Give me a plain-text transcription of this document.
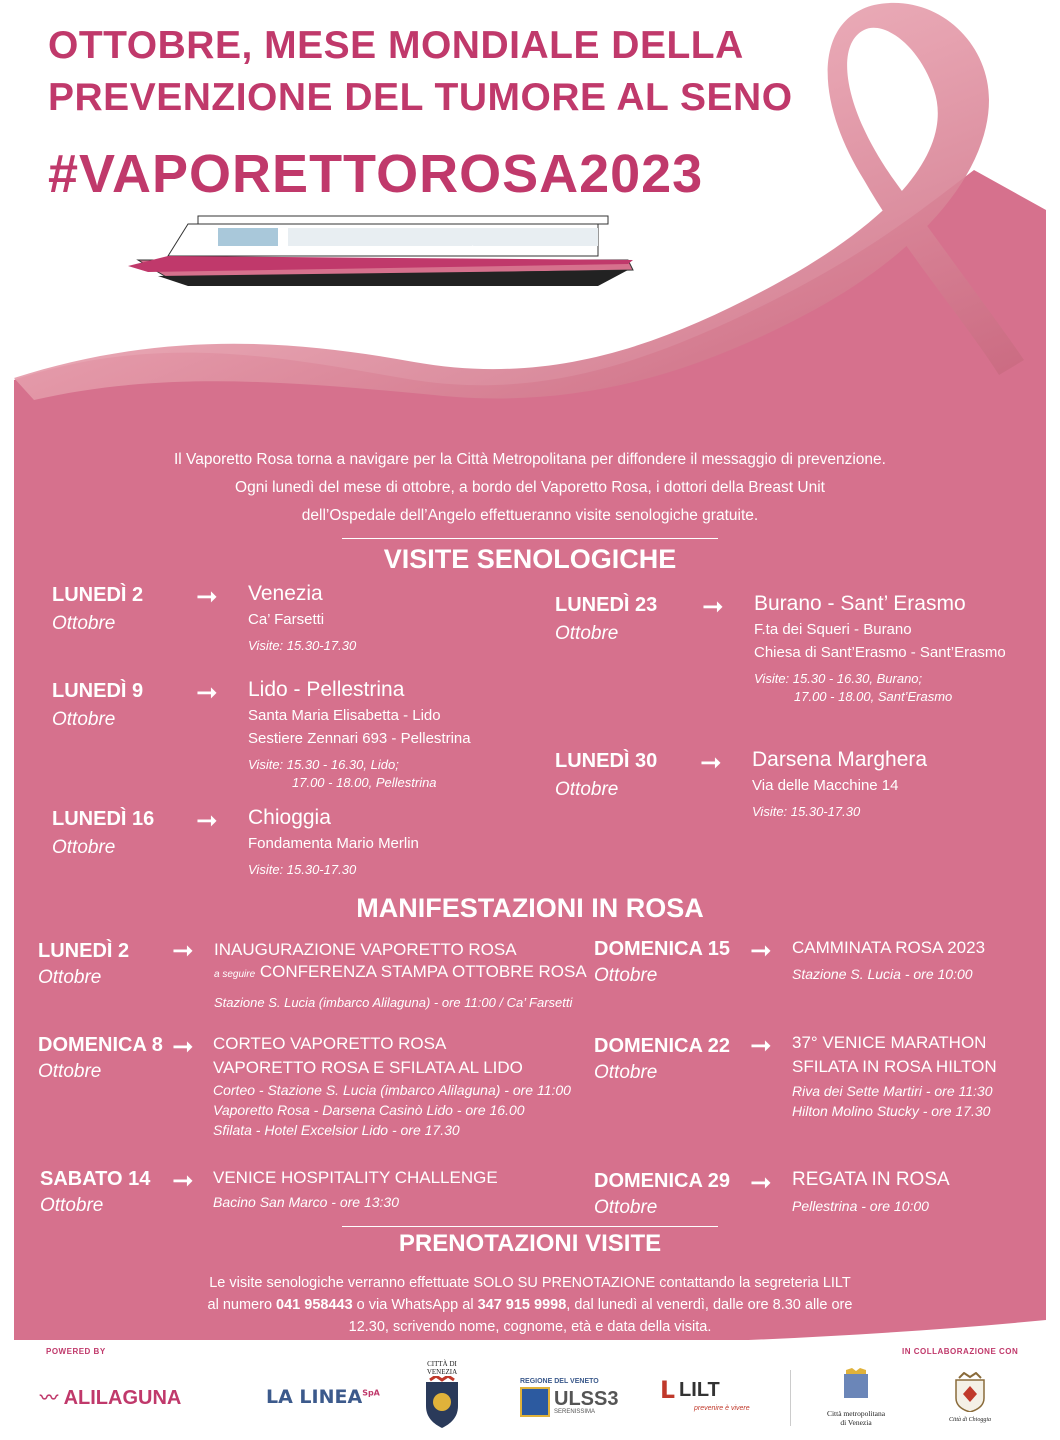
OTTOBRE, MESE MONDIALE DELLA
PREVENZIONE DEL TUMORE AL SENO
#VAPORETTOROSA2023
PREVENZIONE È VITA	ALILAGUNA
Il Vaporetto Rosa torna a navigare per la Città Metropolitana per diffondere il messaggio di prevenzione.
Ogni lunedì del mese di ottobre, a bordo del Vaporetto Rosa, i dottori della Breast Unit
dell’Ospedale dell’Angelo effettueranno visite senologiche gratuite.
VISITE SENOLOGICHE
LUNEDÌ 2
Ottobre
➞ Venezia
Ca’ Farsetti
Visite: 15.30-17.30
LUNEDÌ 9
Ottobre
➞ Lido - Pellestrina
Santa Maria Elisabetta - Lido
Sestiere Zennari 693 - Pellestrina
Visite: 15.30 - 16.30, Lido;
17.00 - 18.00, Pellestrina
LUNEDÌ 16
Ottobre
➞ Chioggia
Fondamenta Mario Merlin
Visite: 15.30-17.30
LUNEDÌ 23
Ottobre
➞ Burano - Sant’ Erasmo
F.ta dei Squeri - Burano
Chiesa di Sant’Erasmo - Sant’Erasmo
Visite: 15.30 - 16.30, Burano;
17.00 - 18.00, Sant’Erasmo
LUNEDÌ 30
Ottobre
➞ Darsena Marghera
Via delle Macchine 14
Visite: 15.30-17.30
MANIFESTAZIONI IN ROSA
LUNEDÌ 2
Ottobre
➞ INAUGURAZIONE VAPORETTO ROSA
a seguire CONFERENZA STAMPA OTTOBRE ROSA
Stazione S. Lucia (imbarco Alilaguna) - ore 11:00 / Ca’ Farsetti
DOMENICA 8
Ottobre
➞ CORTEO VAPORETTO ROSA
VAPORETTO ROSA E SFILATA AL LIDO
Corteo - Stazione S. Lucia (imbarco Alilaguna) - ore 11:00
Vaporetto Rosa - Darsena Casinò Lido - ore 16.00
Sfilata - Hotel Excelsior Lido - ore 17.30
SABATO 14
Ottobre
➞ VENICE HOSPITALITY CHALLENGE
Bacino San Marco - ore 13:30
DOMENICA 15
Ottobre
➞ CAMMINATA ROSA 2023
Stazione S. Lucia - ore 10:00
DOMENICA 22
Ottobre
➞ 37° VENICE MARATHON
SFILATA IN ROSA HILTON
Riva dei Sette Martiri - ore 11:30
Hilton Molino Stucky - ore 17.30
DOMENICA 29
Ottobre
➞ REGATA IN ROSA
Pellestrina - ore 10:00
PRENOTAZIONI VISITE
Le visite senologiche verranno effettuate SOLO SU PRENOTAZIONE contattando la segreteria LILT
al numero 041 958443 o via WhatsApp al 347 915 9998, dal lunedì al venerdì, dalle ore 8.30 alle ore
12.30, scrivendo nome, cognome, età e data della visita.
POWERED BY	IN COLLABORAZIONE CON
〰 ALILAGUNA	LA $LINEA^{SpA}$
CITTÀ DI VENEZIA
REGIONE DEL VENETO
ULSS3
SERENISSIMA
ᒪ LILT
prevenire è vivere
Città metropolitana
di Venezia	Città di Chioggia
